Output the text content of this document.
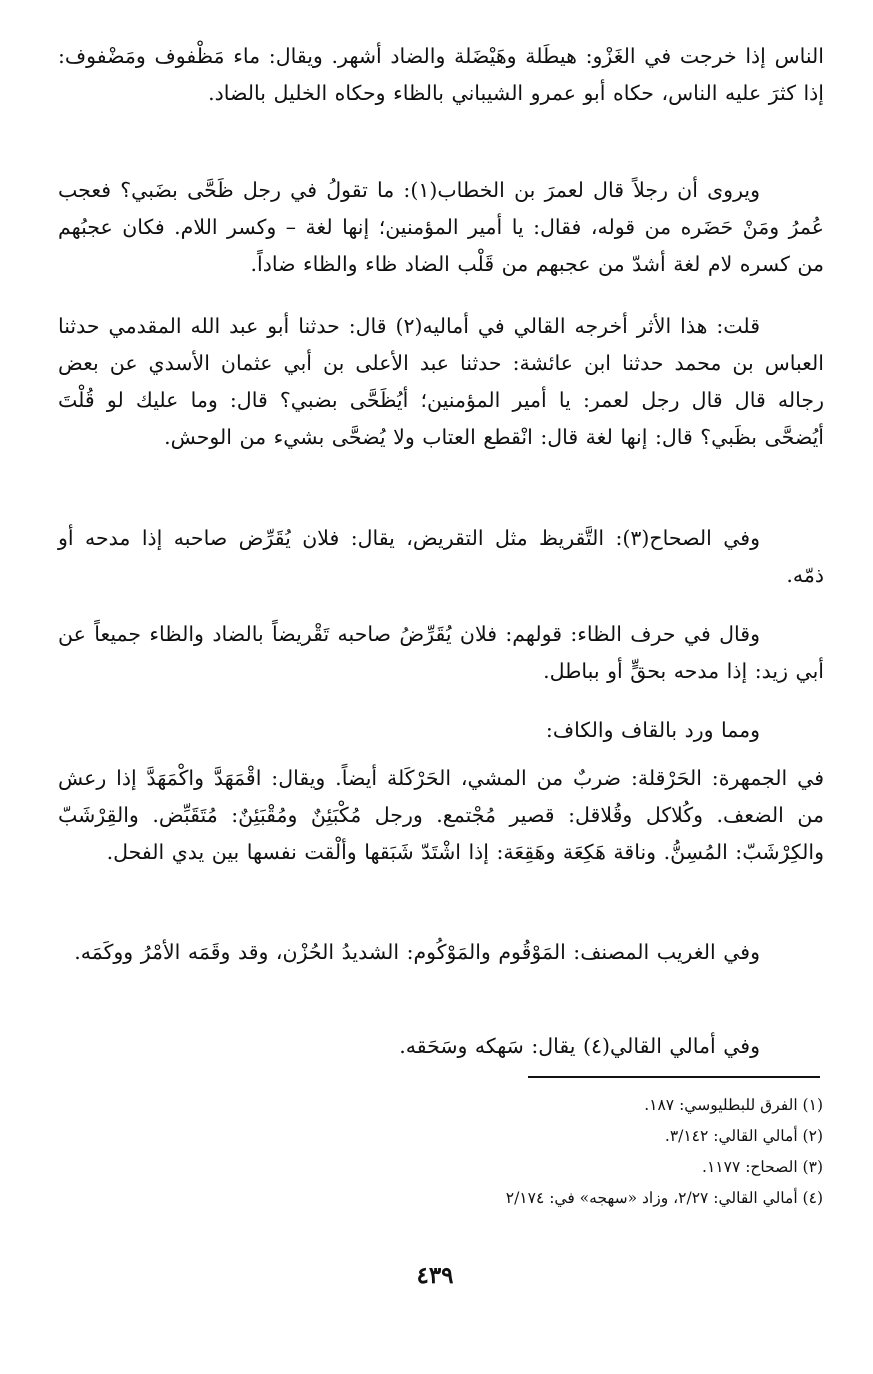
الناس إذا خرجت في الغَزْو: هيطَلة وهَيْضَلة والضاد أشهر. ويقال: ماء مَظْفوف ومَضْفوف: إذا كثرَ عليه الناس، حكاه أبو عمرو الشيباني بالظاء وحكاه الخليل بالضاد.

ويروى أن رجلاً قال لعمرَ بن الخطاب(١): ما تقولُ في رجل ظَحَّى بضَبي؟ فعجب عُمرُ ومَنْ حَضَره من قوله، فقال: يا أمير المؤمنين؛ إنها لغة – وكسر اللام. فكان عجبُهم من كسره لام لغة أشدّ من عجبهم من قَلْب الضاد ظاء والظاء ضاداً.

قلت: هذا الأثر أخرجه القالي في أماليه(٢) قال: حدثنا أبو عبد الله المقدمي حدثنا العباس بن محمد حدثنا ابن عائشة: حدثنا عبد الأعلى بن أبي عثمان الأسدي عن بعض رجاله قال قال رجل لعمر: يا أمير المؤمنين؛ أيُظَحَّى بضبي؟ قال: وما عليك لو قُلْتَ أيُضحَّى بظَبي؟ قال: إنها لغة قال: انْقطع العتاب ولا يُضحَّى بشيء من الوحش.

وفي الصحاح(٣): التَّقريظ مثل التقريض، يقال: فلان يُقَرِّض صاحبه إذا مدحه أو ذمّه.

وقال في حرف الظاء: قولهم: فلان يُقَرِّضُ صاحبه تَقْريضاً بالضاد والظاء جميعاً عن أبي زيد: إذا مدحه بحقٍّ أو بباطل.

ومما ورد بالقاف والكاف:

في الجمهرة: الحَرْقلة: ضربٌ من المشي، الحَرْكَلة أيضاً. ويقال: اقْمَهَدَّ واكْمَهَدَّ إذا رعش من الضعف. وكُلاكل وقُلاقل: قصير مُجْتمع. ورجل مُكْبَئِنٌ ومُقْبَئِنٌ: مُتَقَبِّض. والقِرْشَبّ والكِرْشَبّ: المُسِنُّ. وناقة هَكِعَة وهَقِعَة: إذا اشْتَدّ شَبَقها وألْقت نفسها بين يدي الفحل.

وفي الغريب المصنف: المَوْقُوم والمَوْكُوم: الشديدُ الحُزْن، وقد وقَمَه الأمْرُ ووكَمَه.

وفي أمالي القالي(٤) يقال: سَهكه وسَحَقه.

(١) الفرق للبطليوسي: ١٨٧.

(٢) أمالي القالي: ٣/١٤٢.

(٣) الصحاح: ١١٧٧.

(٤) أمالي القالي: ٢/٢٧، وزاد «سهجه» في: ٢/١٧٤

٤٣٩
